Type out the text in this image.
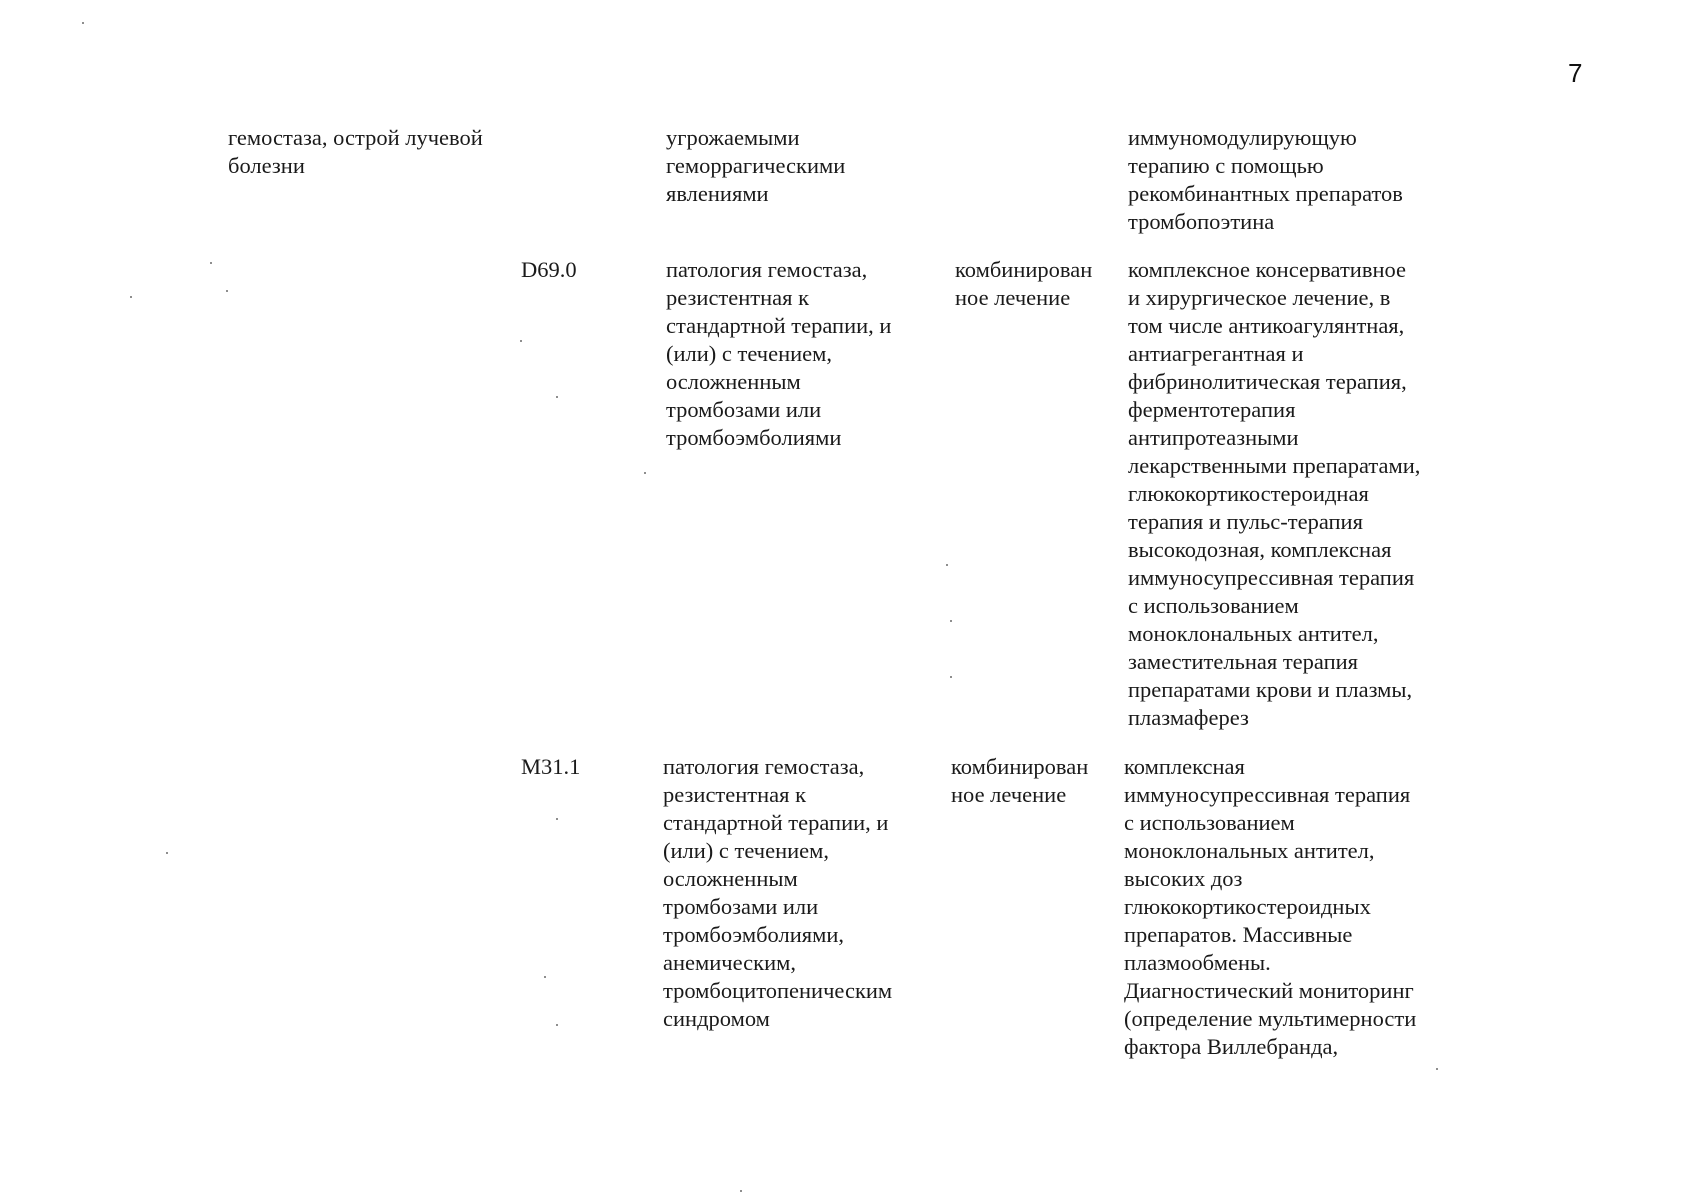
7
гемостаза, острой лучевой
болезни
угрожаемыми
геморрагическими
явлениями
иммуномодулирующую
терапию с помощью
рекомбинантных препаратов
тромбопоэтина
D69.0	патология гемостаза,
резистентная к
стандартной терапии, и
(или) с течением,
осложненным
тромбозами или
тромбоэмболиями
комбинирован
ное лечение
комплексное консервативное
и хирургическое лечение, в
том числе антикоагулянтная,
антиагрегантная и
фибринолитическая терапия,
ферментотерапия
антипротеазными
лекарственными препаратами,
глюкокортикостероидная
терапия и пульс-терапия
высокодозная, комплексная
иммуносупрессивная терапия
с использованием
моноклональных антител,
заместительная терапия
препаратами крови и плазмы,
плазмаферез
M31.1	патология гемостаза,
резистентная к
стандартной терапии, и
(или) с течением,
осложненным
тромбозами или
тромбоэмболиями,
анемическим,
тромбоцитопеническим
синдромом
комбинирован
ное лечение
комплексная
иммуносупрессивная терапия
с использованием
моноклональных антител,
высоких доз
глюкокортикостероидных
препаратов. Массивные
плазмообмены.
Диагностический мониторинг
(определение мультимерности
фактора Виллебранда,
